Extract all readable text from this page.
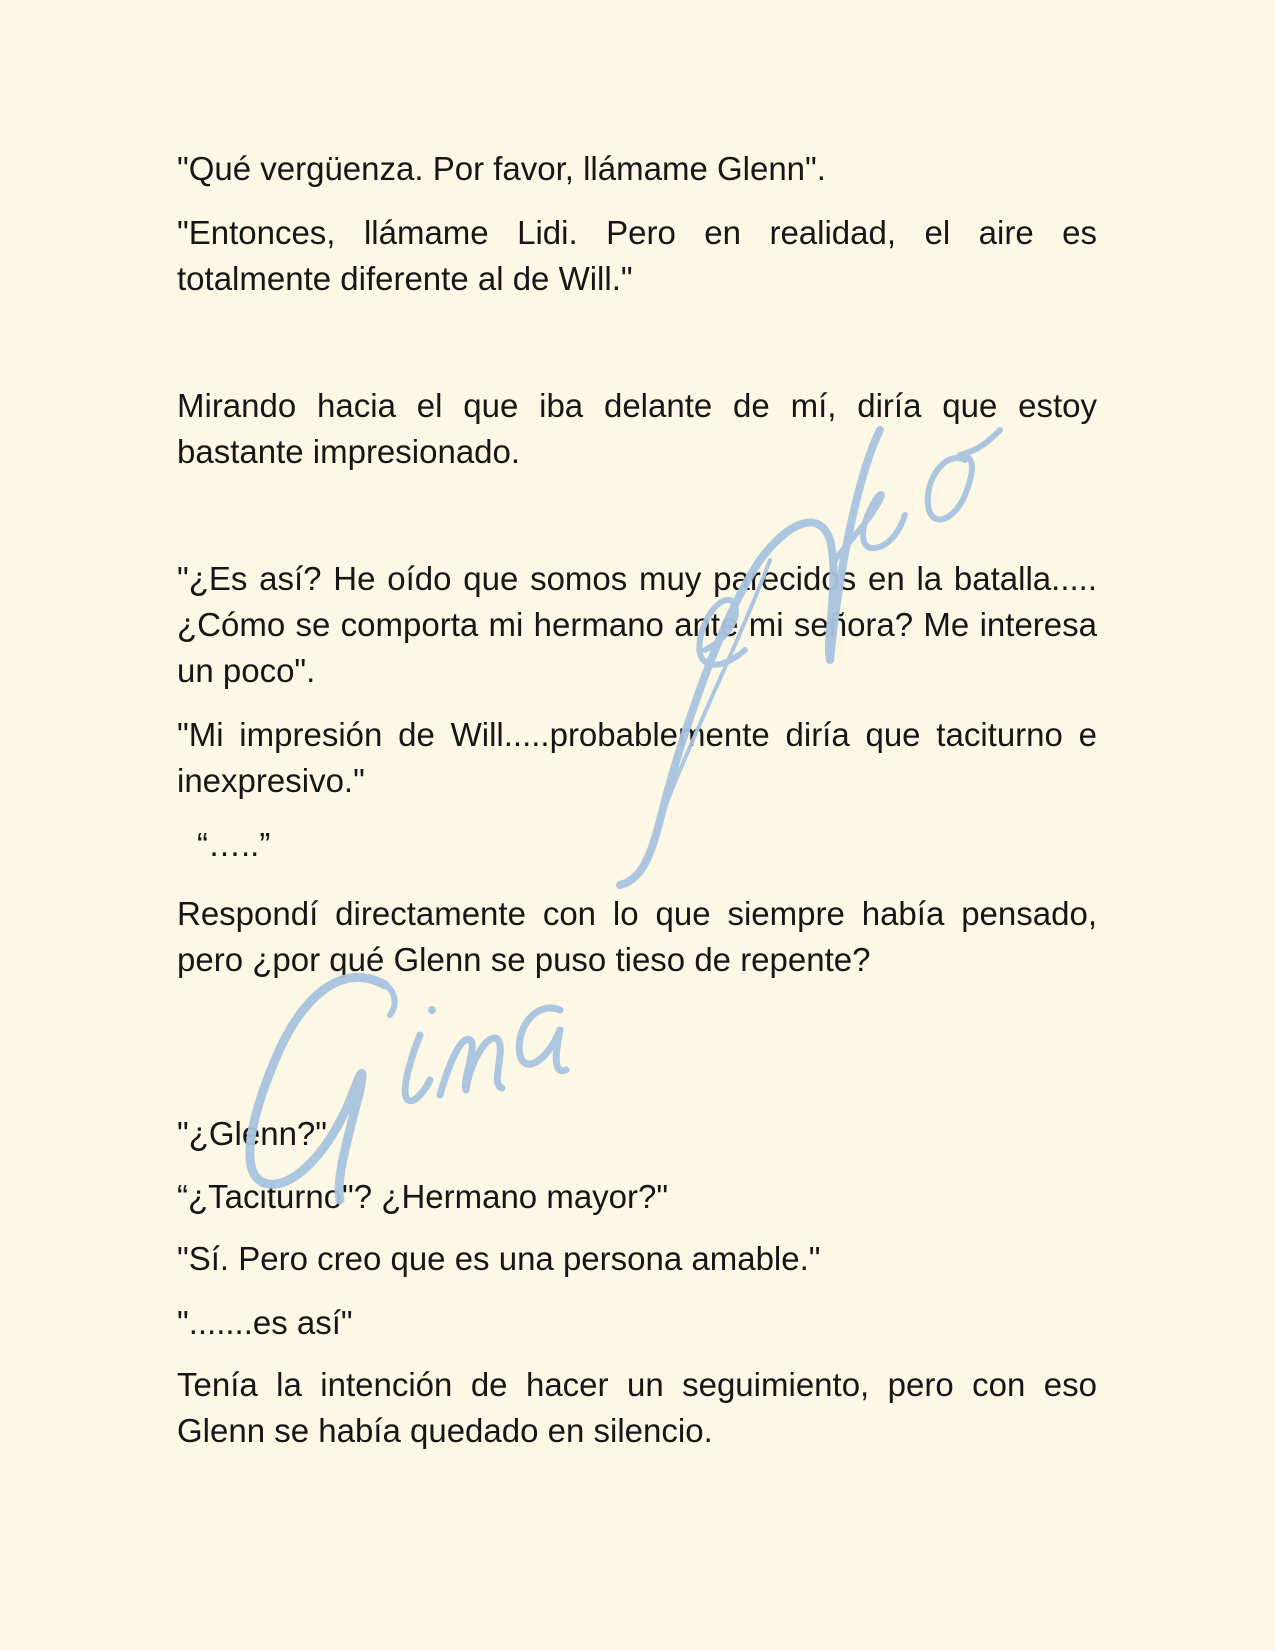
"Qué vergüenza. Por favor, llámame Glenn".

"Entonces, llámame Lidi. Pero en realidad, el aire es totalmente diferente al de Will."

Mirando hacia el que iba delante de mí, diría que estoy bastante impresionado.

"¿Es así? He oído que somos muy parecidos en la batalla.....¿Cómo se comporta mi hermano ante mi señora? Me interesa un poco".

"Mi impresión de Will.....probablemente diría que taciturno e inexpresivo."

“…..”

Respondí directamente con lo que siempre había pensado, pero ¿por qué Glenn se puso tieso de repente?

"¿Glenn?"

“¿Taciturno"? ¿Hermano mayor?"

"Sí. Pero creo que es una persona amable."

".......es así"

Tenía la intención de hacer un seguimiento, pero con eso Glenn se había quedado en silencio.
